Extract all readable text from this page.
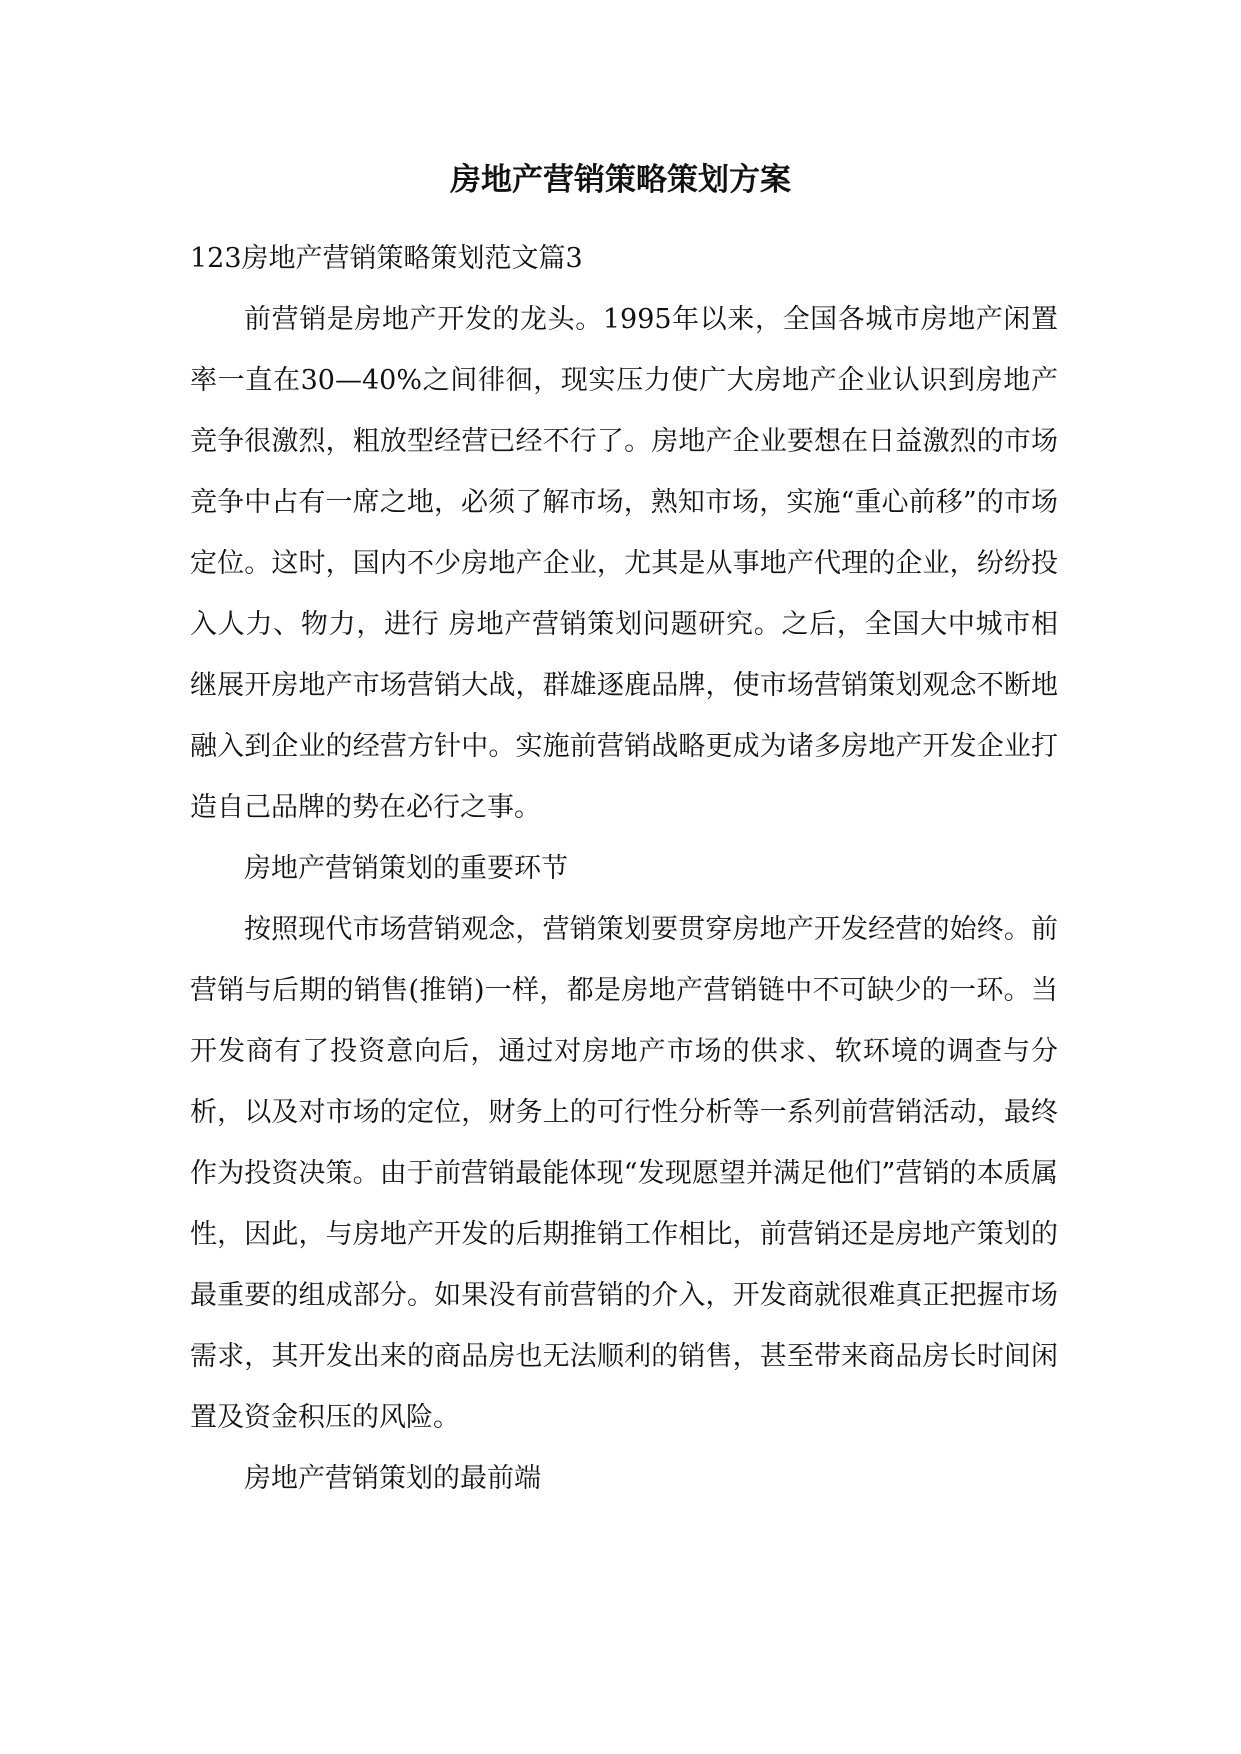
房地产营销策略策划方案

123房地产营销策略策划范文篇3

前营销是房地产开发的龙头。1995年以来，全国各城市房地产闲置率一直在30—40%之间徘徊，现实压力使广大房地产企业认识到房地产竞争很激烈，粗放型经营已经不行了。房地产企业要想在日益激烈的市场竞争中占有一席之地，必须了解市场，熟知市场，实施“重心前移”的市场定位。这时，国内不少房地产企业，尤其是从事地产代理的企业，纷纷投入人力、物力，进行 房地产营销策划问题研究。之后，全国大中城市相继展开房地产市场营销大战，群雄逐鹿品牌，使市场营销策划观念不断地融入到企业的经营方针中。实施前营销战略更成为诸多房地产开发企业打造自己品牌的势在必行之事。

房地产营销策划的重要环节

按照现代市场营销观念，营销策划要贯穿房地产开发经营的始终。前营销与后期的销售(推销)一样，都是房地产营销链中不可缺少的一环。当开发商有了投资意向后，通过对房地产市场的供求、软环境的调查与分析，以及对市场的定位，财务上的可行性分析等一系列前营销活动，最终作为投资决策。由于前营销最能体现“发现愿望并满足他们”营销的本质属性，因此，与房地产开发的后期推销工作相比，前营销还是房地产策划的最重要的组成部分。如果没有前营销的介入，开发商就很难真正把握市场需求，其开发出来的商品房也无法顺利的销售，甚至带来商品房长时间闲置及资金积压的风险。

房地产营销策划的最前端
